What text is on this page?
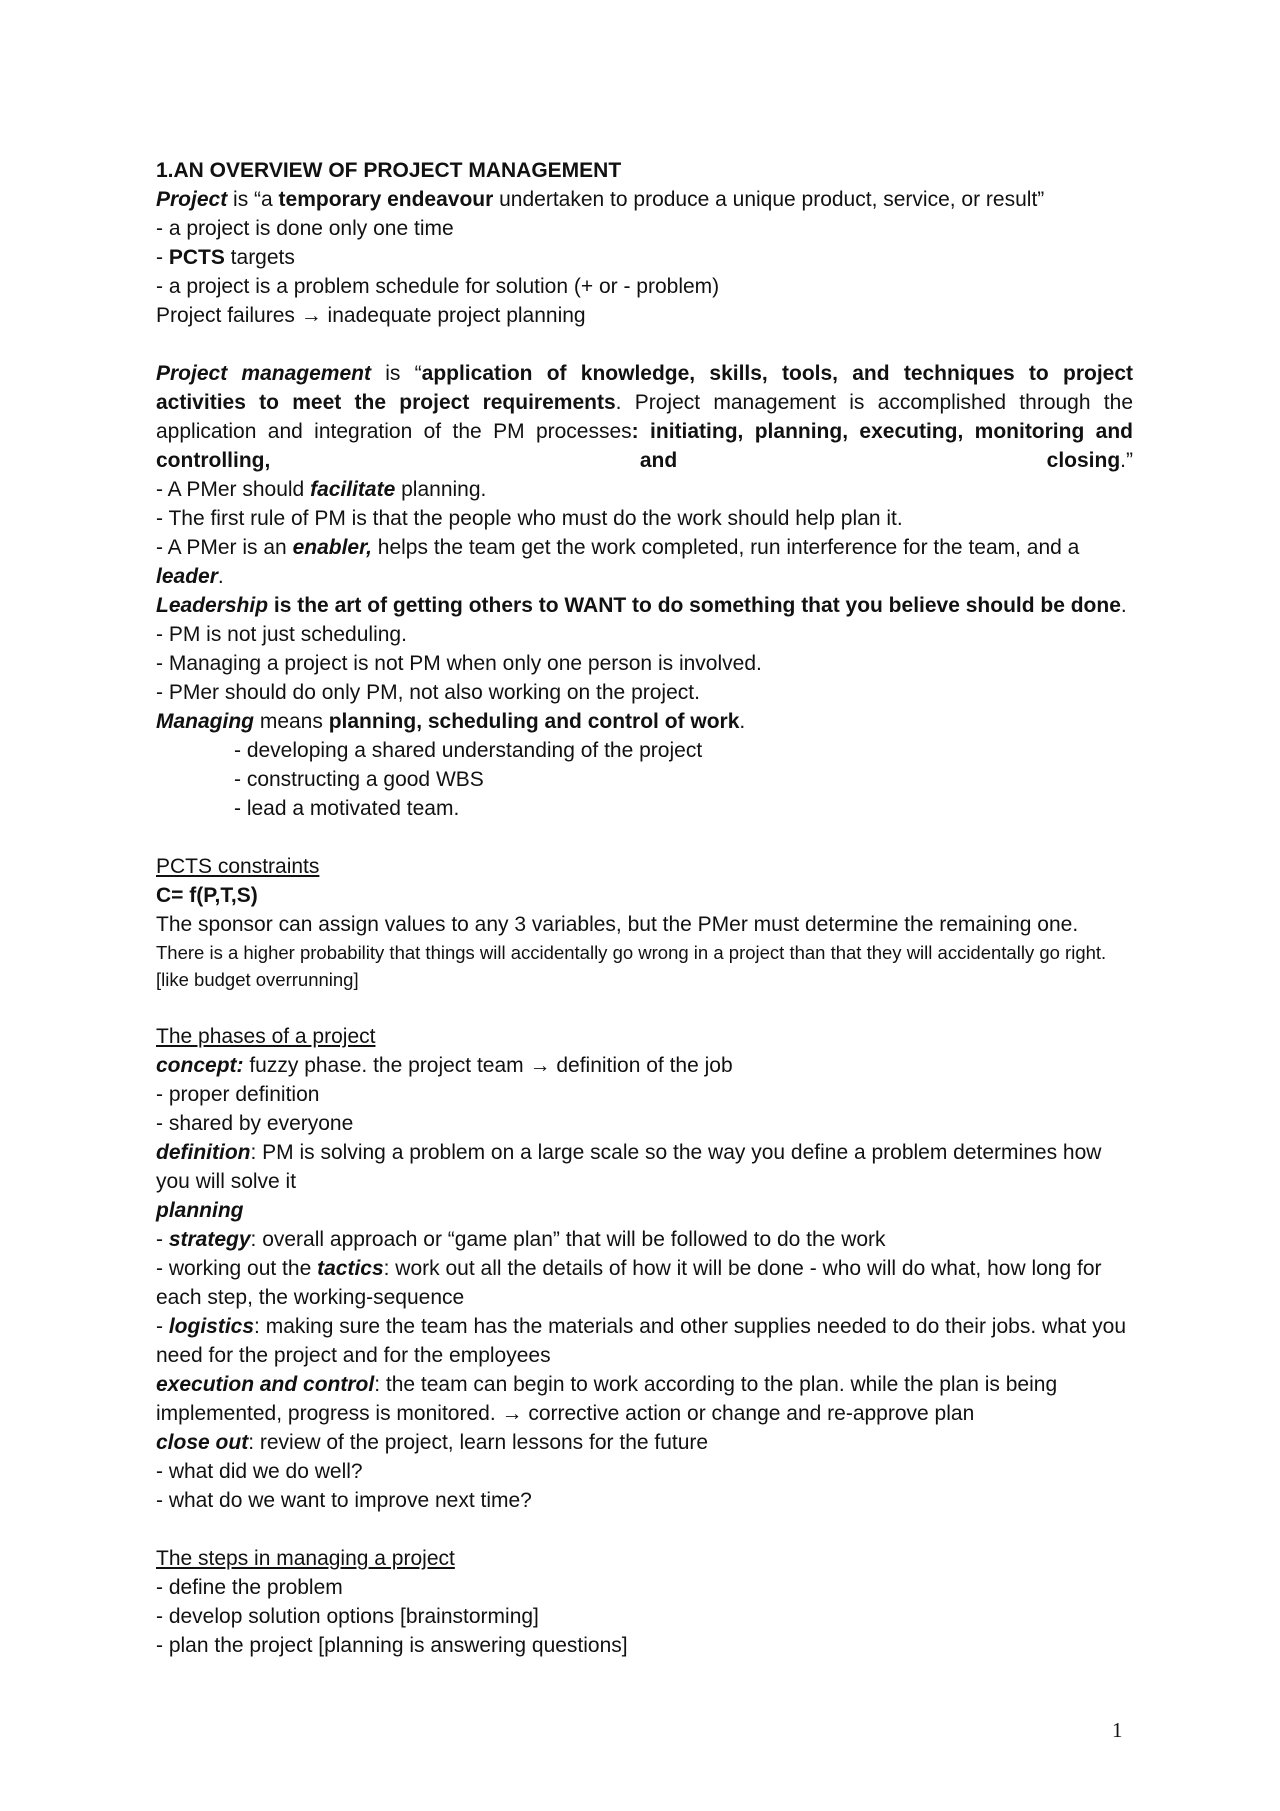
1.AN OVERVIEW OF PROJECT MANAGEMENT
Project is “a temporary endeavour undertaken to produce a unique product, service, or result”
- a project is done only one time
- PCTS targets
- a project is a problem schedule for solution (+ or - problem)
Project failures → inadequate project planning
Project management is “application of knowledge, skills, tools, and techniques to project activities to meet the project requirements. Project management is accomplished through the application and integration of the PM processes: initiating, planning, executing, monitoring and controlling, and closing.”
- A PMer should facilitate planning.
- The first rule of PM is that the people who must do the work should help plan it.
- A PMer is an enabler, helps the team get the work completed, run interference for the team, and a leader.
Leadership is the art of getting others to WANT to do something that you believe should be done.
- PM is not just scheduling.
- Managing a project is not PM when only one person is involved.
- PMer should do only PM, not also working on the project.
Managing means planning, scheduling and control of work.
- developing a shared understanding of the project
- constructing a good WBS
- lead a motivated team.
PCTS constraints
C= f(P,T,S)
The sponsor can assign values to any 3 variables, but the PMer must determine the remaining one.
There is a higher probability that things will accidentally go wrong in a project than that they will accidentally go right. [like budget overrunning]
The phases of a project
concept: fuzzy phase. the project team → definition of the job
- proper definition
- shared by everyone
definition: PM is solving a problem on a large scale so the way you define a problem determines how you will solve it
planning
- strategy: overall approach or “game plan” that will be followed to do the work
- working out the tactics: work out all the details of how it will be done - who will do what, how long for each step, the working-sequence
- logistics: making sure the team has the materials and other supplies needed to do their jobs. what you need for the project and for the employees
execution and control: the team can begin to work according to the plan. while the plan is being implemented, progress is monitored. → corrective action or change and re-approve plan
close out: review of the project, learn lessons for the future
- what did we do well?
- what do we want to improve next time?
The steps in managing a project
- define the problem
- develop solution options [brainstorming]
- plan the project [planning is answering questions]
1
